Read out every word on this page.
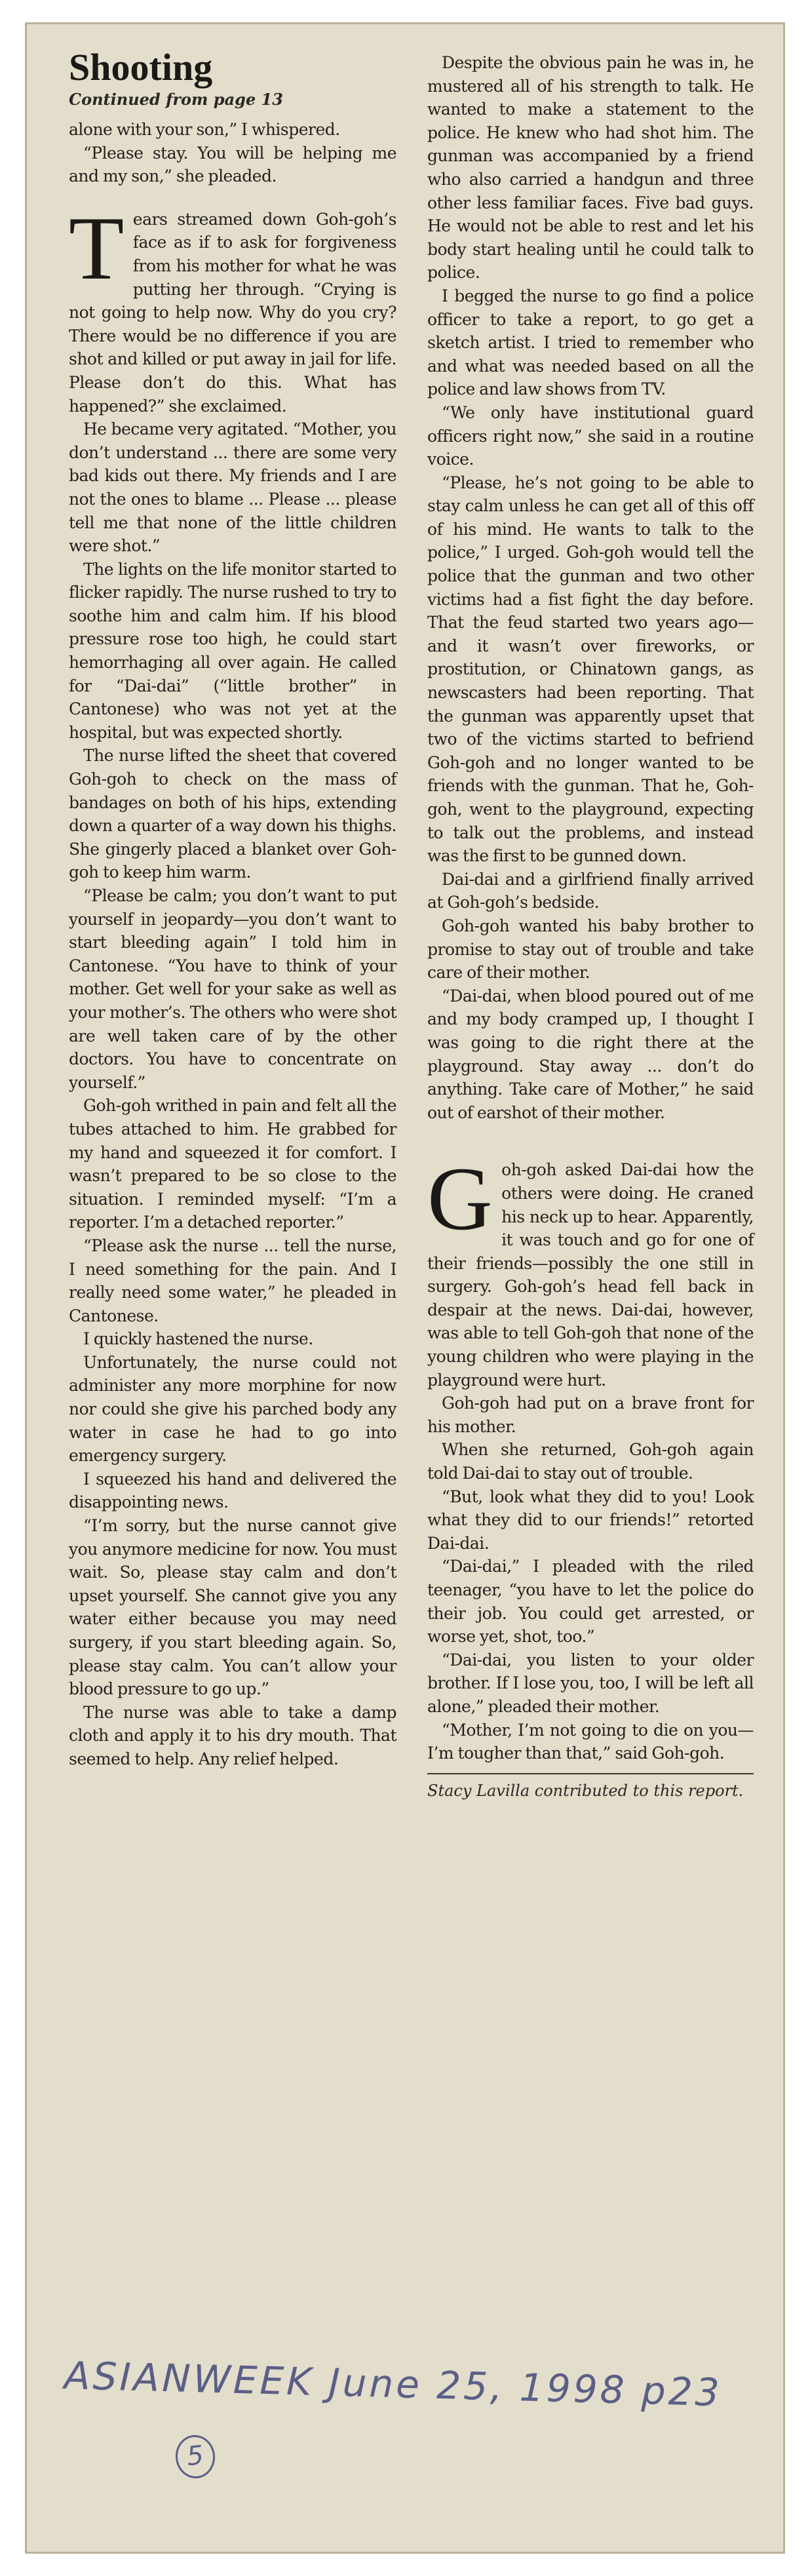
Shooting
Continued from page 13
alone with your son,” I whispered.
“Please stay. You will be helping me and my son,” she pleaded.
Tears streamed down Goh-goh’s face as if to ask for forgiveness from his mother for what he was putting her through. “Crying is not going to help now. Why do you cry? There would be no difference if you are shot and killed or put away in jail for life. Please don’t do this. What has happened?” she exclaimed.
He became very agitated. “Mother, you don’t understand ... there are some very bad kids out there. My friends and I are not the ones to blame ... Please ... please tell me that none of the little children were shot.”
The lights on the life monitor started to flicker rapidly. The nurse rushed to try to soothe him and calm him. If his blood pressure rose too high, he could start hemorrhaging all over again. He called for “Dai-dai” (“little brother” in Cantonese) who was not yet at the hospital, but was expected shortly.
The nurse lifted the sheet that covered Goh-goh to check on the mass of bandages on both of his hips, extending down a quarter of a way down his thighs. She gingerly placed a blanket over Goh-goh to keep him warm.
“Please be calm; you don’t want to put yourself in jeopardy—you don’t want to start bleeding again” I told him in Cantonese. “You have to think of your mother. Get well for your sake as well as your mother’s. The others who were shot are well taken care of by the other doctors. You have to concentrate on yourself.”
Goh-goh writhed in pain and felt all the tubes attached to him. He grabbed for my hand and squeezed it for comfort. I wasn’t prepared to be so close to the situation. I reminded myself: “I’m a reporter. I’m a detached reporter.”
“Please ask the nurse ... tell the nurse, I need something for the pain. And I really need some water,” he pleaded in Cantonese.
I quickly hastened the nurse.
Unfortunately, the nurse could not administer any more morphine for now nor could she give his parched body any water in case he had to go into emergency surgery.
I squeezed his hand and delivered the disappointing news.
“I’m sorry, but the nurse cannot give you anymore medicine for now. You must wait. So, please stay calm and don’t upset yourself. She cannot give you any water either because you may need surgery, if you start bleeding again. So, please stay calm. You can’t allow your blood pressure to go up.”
The nurse was able to take a damp cloth and apply it to his dry mouth. That seemed to help. Any relief helped.
Despite the obvious pain he was in, he mustered all of his strength to talk. He wanted to make a statement to the police. He knew who had shot him. The gunman was accompanied by a friend who also carried a handgun and three other less familiar faces. Five bad guys. He would not be able to rest and let his body start healing until he could talk to police.
I begged the nurse to go find a police officer to take a report, to go get a sketch artist. I tried to remember who and what was needed based on all the police and law shows from TV.
“We only have institutional guard officers right now,” she said in a routine voice.
“Please, he’s not going to be able to stay calm unless he can get all of this off of his mind. He wants to talk to the police,” I urged. Goh-goh would tell the police that the gunman and two other victims had a fist fight the day before. That the feud started two years ago—and it wasn’t over fireworks, or prostitution, or Chinatown gangs, as newscasters had been reporting. That the gunman was apparently upset that two of the victims started to befriend Goh-goh and no longer wanted to be friends with the gunman. That he, Goh-goh, went to the playground, expecting to talk out the problems, and instead was the first to be gunned down.
Dai-dai and a girlfriend finally arrived at Goh-goh’s bedside.
Goh-goh wanted his baby brother to promise to stay out of trouble and take care of their mother.
“Dai-dai, when blood poured out of me and my body cramped up, I thought I was going to die right there at the playground. Stay away ... don’t do anything. Take care of Mother,” he said out of earshot of their mother.
Goh-goh asked Dai-dai how the others were doing. He craned his neck up to hear. Apparently, it was touch and go for one of their friends—possibly the one still in surgery. Goh-goh’s head fell back in despair at the news. Dai-dai, however, was able to tell Goh-goh that none of the young children who were playing in the playground were hurt.
Goh-goh had put on a brave front for his mother.
When she returned, Goh-goh again told Dai-dai to stay out of trouble.
“But, look what they did to you! Look what they did to our friends!” retorted Dai-dai.
“Dai-dai,” I pleaded with the riled teenager, “you have to let the police do their job. You could get arrested, or worse yet, shot, too.”
“Dai-dai, you listen to your older brother. If I lose you, too, I will be left all alone,” pleaded their mother.
“Mother, I’m not going to die on you—I’m tougher than that,” said Goh-goh.
Stacy Lavilla contributed to this report.
ASIANWEEK June 25, 1998 p23
5
